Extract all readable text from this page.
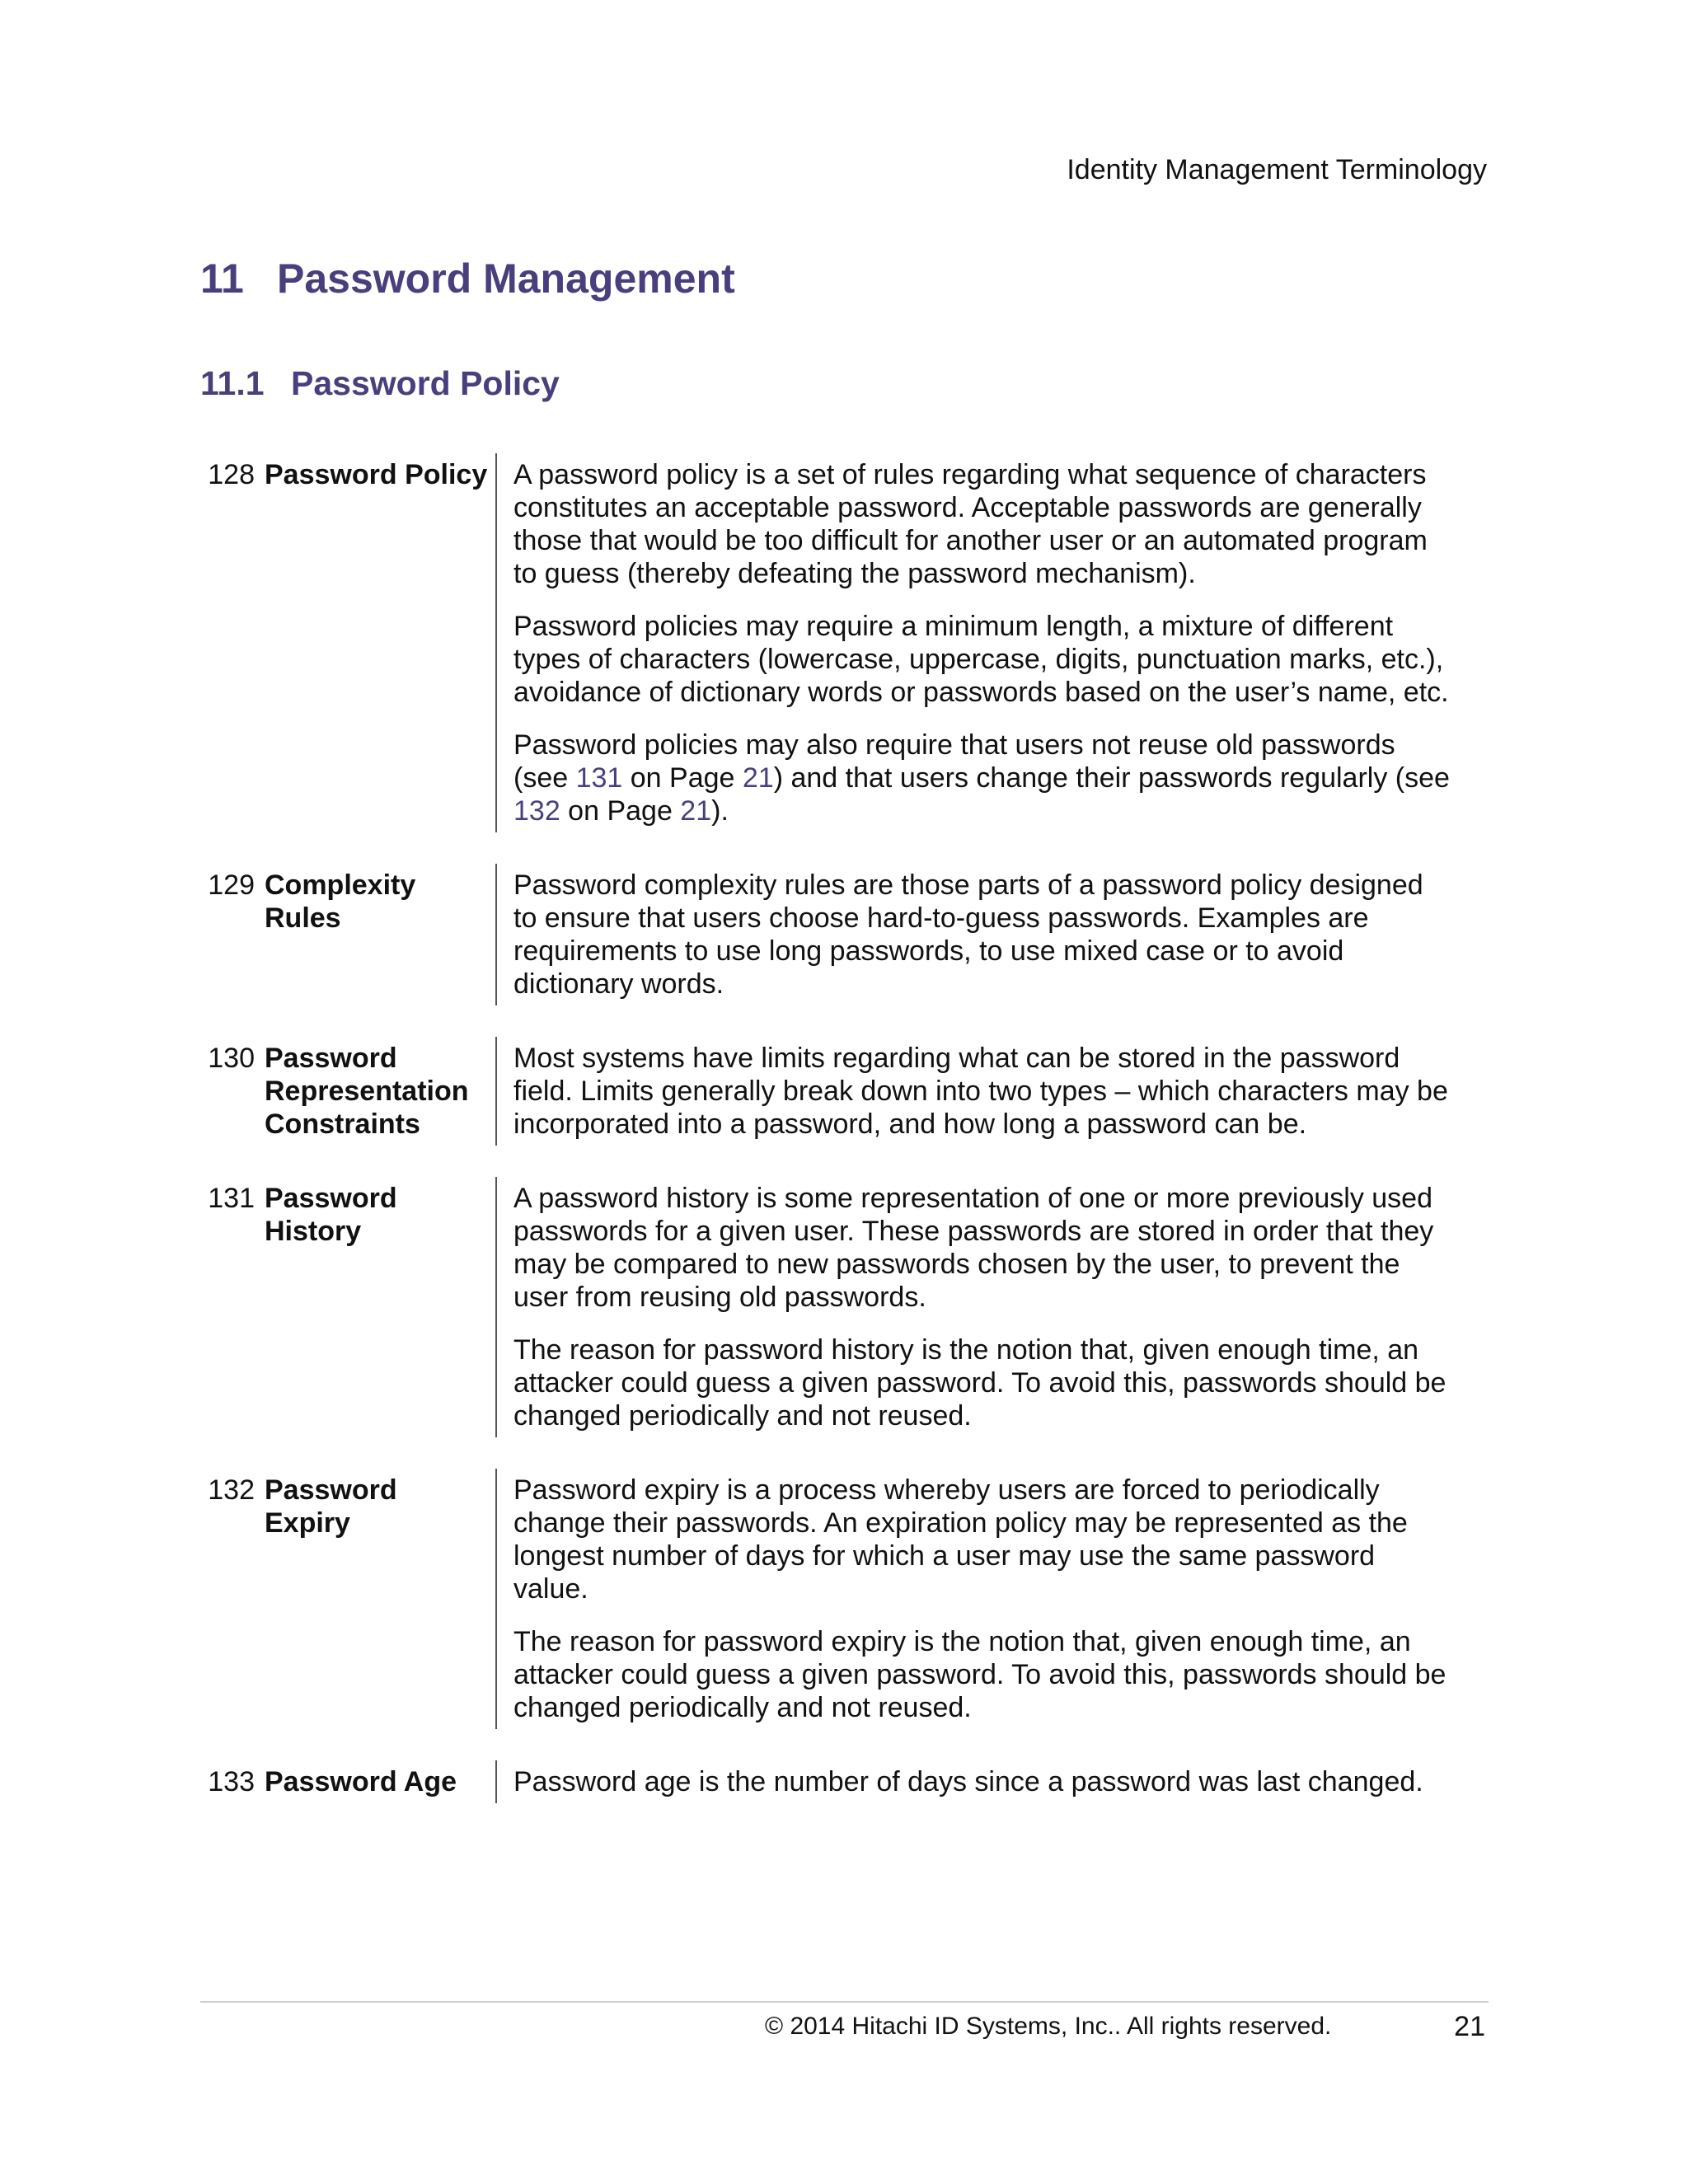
Identity Management Terminology
11 Password Management
11.1 Password Policy
128 Password Policy A password policy is a set of rules regarding what sequence of characters constitutes an acceptable password. Acceptable passwords are generally those that would be too difficult for another user or an automated program to guess (thereby defeating the password mechanism).

Password policies may require a minimum length, a mixture of different types of characters (lowercase, uppercase, digits, punctuation marks, etc.), avoidance of dictionary words or passwords based on the user’s name, etc.

Password policies may also require that users not reuse old passwords (see 131 on Page 21) and that users change their passwords regularly (see 132 on Page 21).

129 Complexity
Rules

Password complexity rules are those parts of a password policy designed to ensure that users choose hard-to-guess passwords. Examples are requirements to use long passwords, to use mixed case or to avoid dictionary words.

130 Password
Representation
Constraints

Most systems have limits regarding what can be stored in the password field. Limits generally break down into two types – which characters may be incorporated into a password, and how long a password can be.

131 Password
History

A password history is some representation of one or more previously used passwords for a given user. These passwords are stored in order that they may be compared to new passwords chosen by the user, to prevent the user from reusing old passwords.

The reason for password history is the notion that, given enough time, an attacker could guess a given password. To avoid this, passwords should be changed periodically and not reused.

132 Password
Expiry

Password expiry is a process whereby users are forced to periodically change their passwords. An expiration policy may be represented as the longest number of days for which a user may use the same password value.

The reason for password expiry is the notion that, given enough time, an attacker could guess a given password. To avoid this, passwords should be changed periodically and not reused.

133 Password Age	Password age is the number of days since a password was last changed.

© 2014 Hitachi ID Systems, Inc.. All rights reserved.	21
